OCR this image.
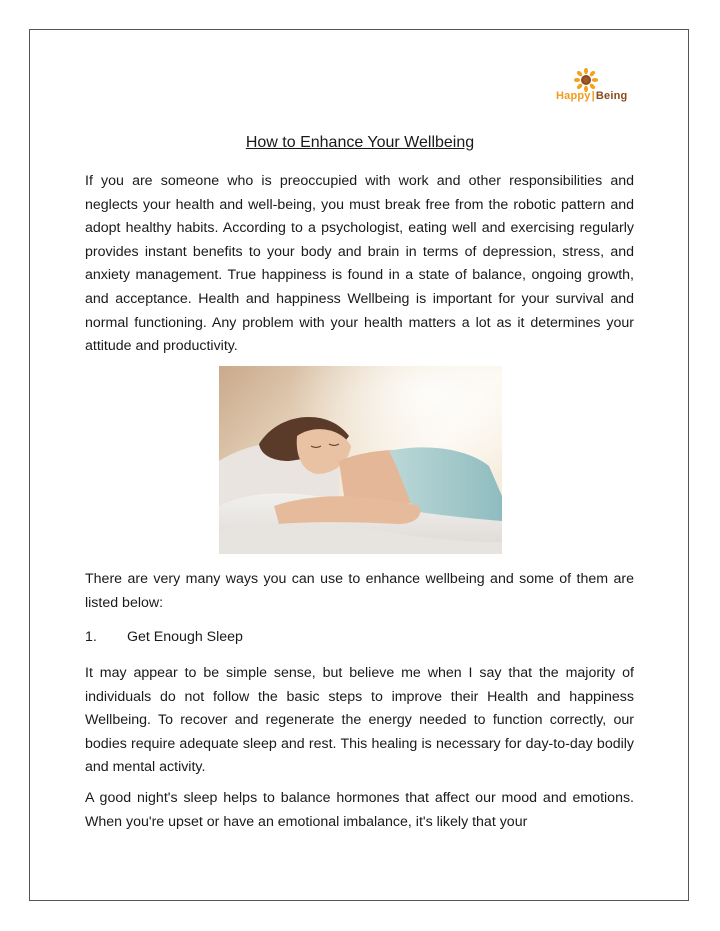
Happy|Being
How to Enhance Your Wellbeing

If you are someone who is preoccupied with work and other responsibilities and neglects your health and well-being, you must break free from the robotic pattern and adopt healthy habits. According to a psychologist, eating well and exercising regularly provides instant benefits to your body and brain in terms of depression, stress, and anxiety management. True happiness is found in a state of balance, ongoing growth, and acceptance. Health and happiness Wellbeing is important for your survival and normal functioning. Any problem with your health matters a lot as it determines your attitude and productivity.

There are very many ways you can use to enhance wellbeing and some of them are listed below:

1. Get Enough Sleep

It may appear to be simple sense, but believe me when I say that the majority of individuals do not follow the basic steps to improve their Health and happiness Wellbeing. To recover and regenerate the energy needed to function correctly, our bodies require adequate sleep and rest. This healing is necessary for day-to-day bodily and mental activity.

A good night's sleep helps to balance hormones that affect our mood and emotions. When you're upset or have an emotional imbalance, it's likely that your
